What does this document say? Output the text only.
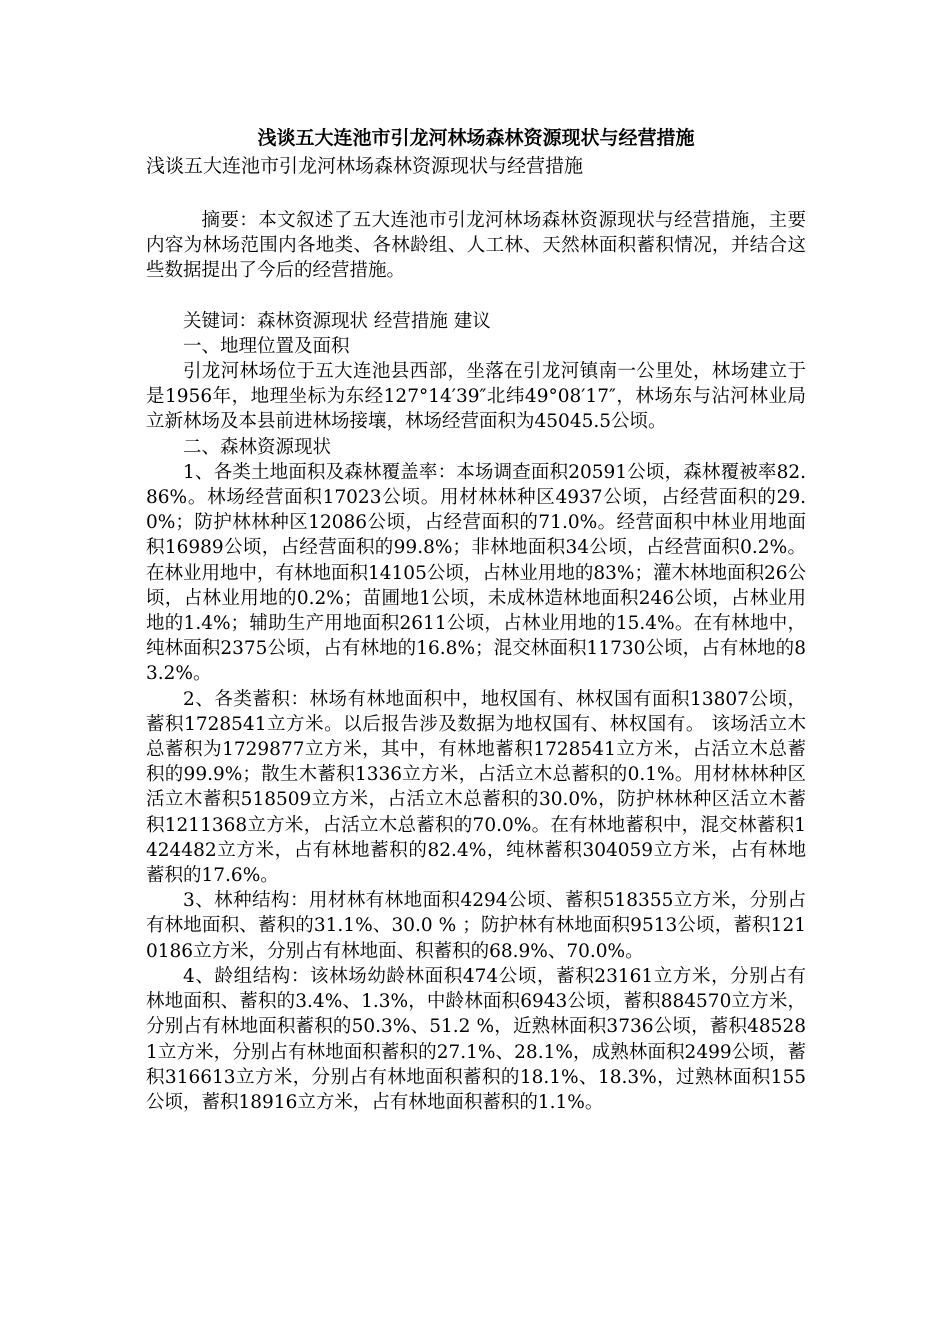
浅谈五大连池市引龙河林场森林资源现状与经营措施
浅谈五大连池市引龙河林场森林资源现状与经营措施

摘要：本文叙述了五大连池市引龙河林场森林资源现状与经营措施，主要内容为林场范围内各地类、各林龄组、人工林、天然林面积蓄积情况，并结合这些数据提出了今后的经营措施。

关键词：森林资源现状 经营措施 建议

一、地理位置及面积

引龙河林场位于五大连池县西部，坐落在引龙河镇南一公里处，林场建立于是1956年，地理坐标为东经127°14′39″北纬49°08′17″，林场东与沾河林业局立新林场及本县前进林场接壤，林场经营面积为45045.5公顷。

二、森林资源现状

1、各类土地面积及森林覆盖率：本场调查面积20591公顷，森林覆被率82.86%。林场经营面积17023公顷。用材林林种区4937公顷，占经营面积的29.0%；防护林林种区12086公顷，占经营面积的71.0%。经营面积中林业用地面积16989公顷，占经营面积的99.8%；非林地面积34公顷，占经营面积0.2%。在林业用地中，有林地面积14105公顷，占林业用地的83%；灌木林地面积26公顷，占林业用地的0.2%；苗圃地1公顷，未成林造林地面积246公顷，占林业用地的1.4%；辅助生产用地面积2611公顷，占林业用地的15.4%。在有林地中，纯林面积2375公顷，占有林地的16.8%；混交林面积11730公顷，占有林地的83.2%。

2、各类蓄积：林场有林地面积中，地权国有、林权国有面积13807公顷，蓄积1728541立方米。以后报告涉及数据为地权国有、林权国有。 该场活立木总蓄积为1729877立方米，其中，有林地蓄积1728541立方米，占活立木总蓄积的99.9%；散生木蓄积1336立方米，占活立木总蓄积的0.1%。用材林林种区活立木蓄积518509立方米，占活立木总蓄积的30.0%，防护林林种区活立木蓄积1211368立方米，占活立木总蓄积的70.0%。在有林地蓄积中，混交林蓄积1424482立方米，占有林地蓄积的82.4%，纯林蓄积304059立方米，占有林地蓄积的17.6%。

3、林种结构：用材林有林地面积4294公顷、蓄积518355立方米，分别占有林地面积、蓄积的31.1%、30.0 % ；防护林有林地面积9513公顷，蓄积1210186立方米，分别占有林地面、积蓄积的68.9%、70.0%。

4、龄组结构：该林场幼龄林面积474公顷，蓄积23161立方米，分别占有林地面积、蓄积的3.4%、1.3%，中龄林面积6943公顷，蓄积884570立方米，分别占有林地面积蓄积的50.3%、51.2 %，近熟林面积3736公顷，蓄积485281立方米，分别占有林地面积蓄积的27.1%、28.1%，成熟林面积2499公顷，蓄积316613立方米，分别占有林地面积蓄积的18.1%、18.3%，过熟林面积155公顷，蓄积18916立方米，占有林地面积蓄积的1.1%。
